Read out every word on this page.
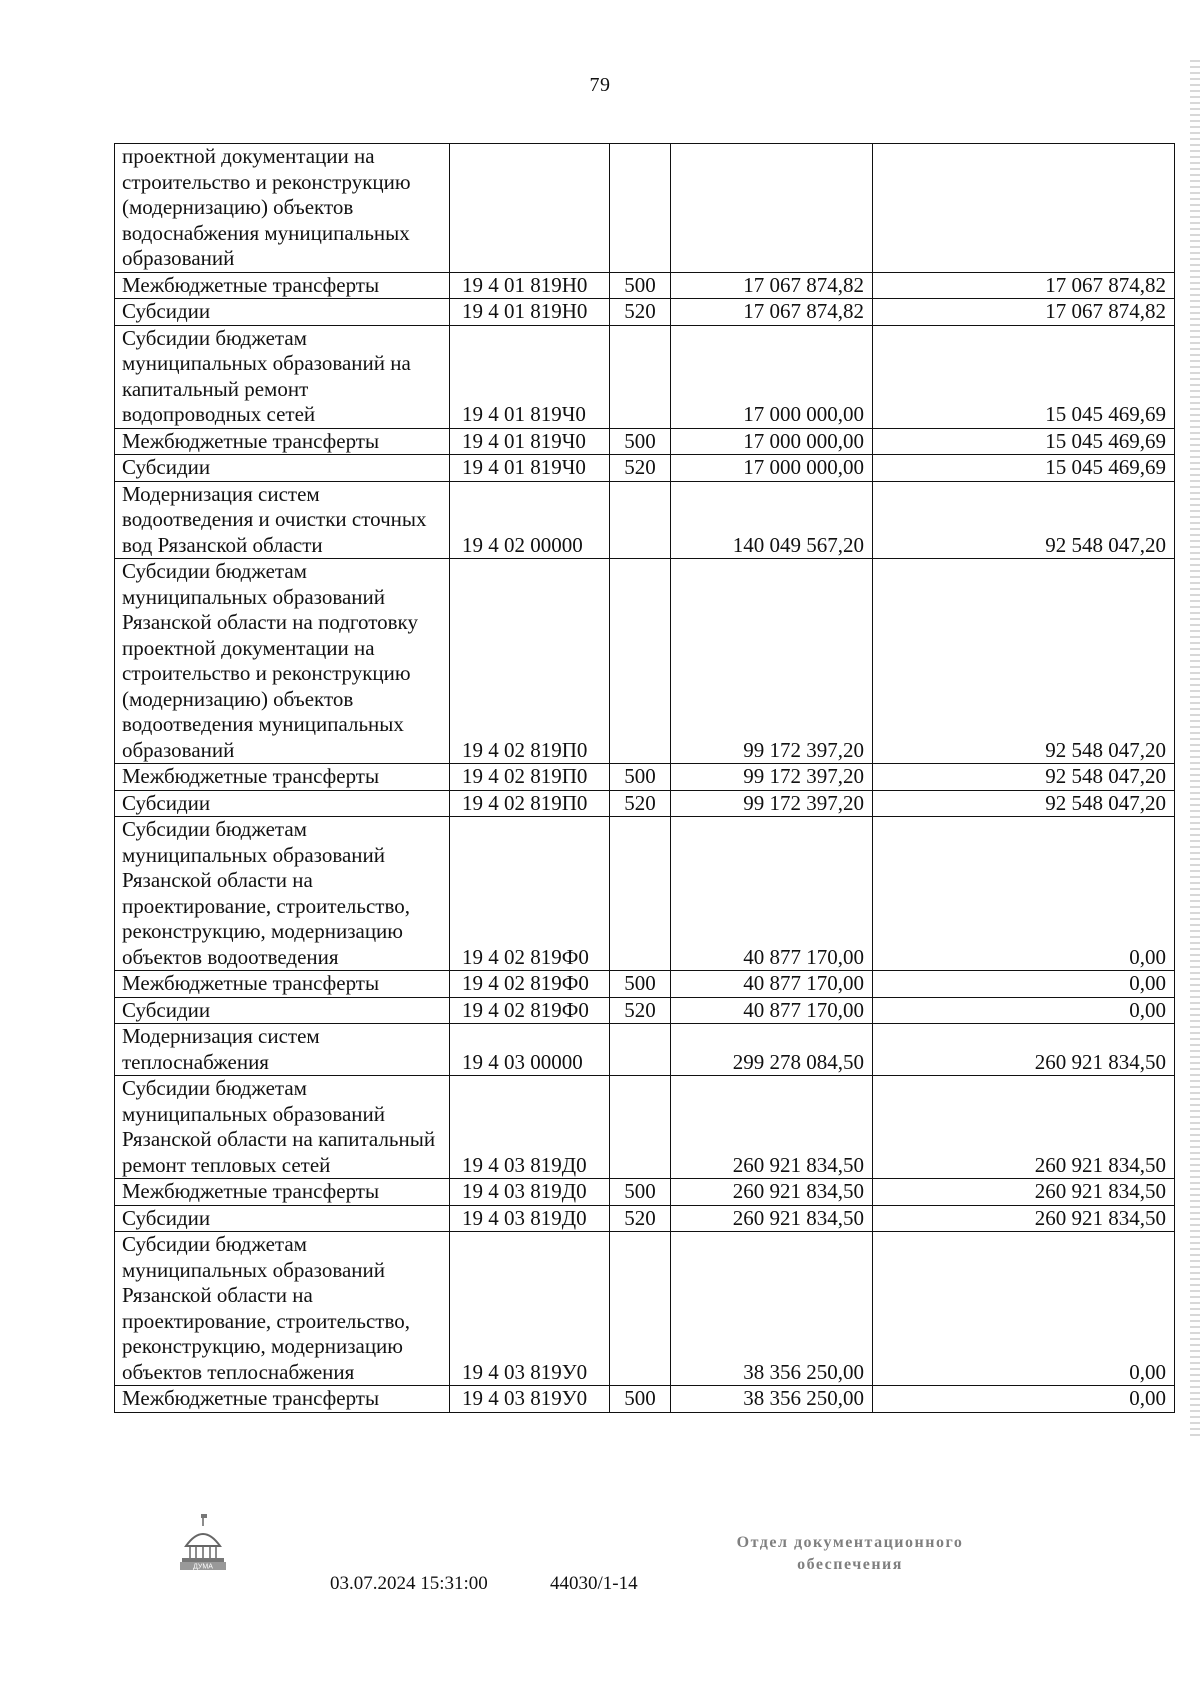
79
проектной документации на строительство и реконструкцию (модернизацию) объектов водоснабжения муниципальных образований				
Межбюджетные трансферты	19 4 01 819Н0	500	17 067 874,82	17 067 874,82
Субсидии	19 4 01 819Н0	520	17 067 874,82	17 067 874,82
Субсидии бюджетам муниципальных образований на капитальный ремонт водопроводных сетей	19 4 01 819Ч0		17 000 000,00	15 045 469,69
Межбюджетные трансферты	19 4 01 819Ч0	500	17 000 000,00	15 045 469,69
Субсидии	19 4 01 819Ч0	520	17 000 000,00	15 045 469,69
Модернизация систем водоотведения и очистки сточных вод Рязанской области	19 4 02 00000		140 049 567,20	92 548 047,20
Субсидии бюджетам муниципальных образований Рязанской области на подготовку проектной документации на строительство и реконструкцию (модернизацию) объектов водоотведения муниципальных образований	19 4 02 819П0		99 172 397,20	92 548 047,20
Межбюджетные трансферты	19 4 02 819П0	500	99 172 397,20	92 548 047,20
Субсидии	19 4 02 819П0	520	99 172 397,20	92 548 047,20
Субсидии бюджетам муниципальных образований Рязанской области на проектирование, строительство, реконструкцию, модернизацию объектов водоотведения	19 4 02 819Ф0		40 877 170,00	0,00
Межбюджетные трансферты	19 4 02 819Ф0	500	40 877 170,00	0,00
Субсидии	19 4 02 819Ф0	520	40 877 170,00	0,00
Модернизация систем теплоснабжения	19 4 03 00000		299 278 084,50	260 921 834,50
Субсидии бюджетам муниципальных образований Рязанской области на капитальный ремонт тепловых сетей	19 4 03 819Д0		260 921 834,50	260 921 834,50
Межбюджетные трансферты	19 4 03 819Д0	500	260 921 834,50	260 921 834,50
Субсидии	19 4 03 819Д0	520	260 921 834,50	260 921 834,50
Субсидии бюджетам муниципальных образований Рязанской области на проектирование, строительство, реконструкцию, модернизацию объектов теплоснабжения	19 4 03 819У0		38 356 250,00	0,00
Межбюджетные трансферты	19 4 03 819У0	500	38 356 250,00	0,00
ДУМА
03.07.2024 15:31:00	44030/1-14
Отдел документационного
обеспечения
